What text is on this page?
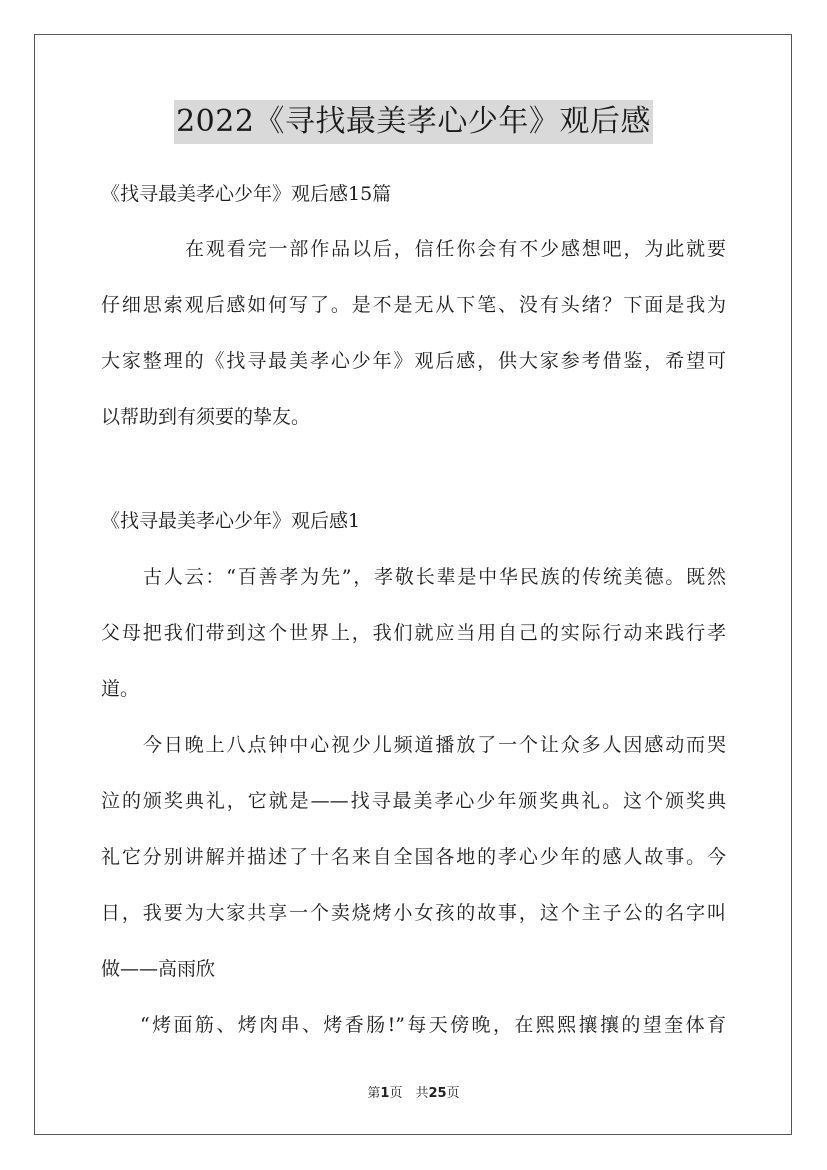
2022《寻找最美孝心少年》观后感
《找寻最美孝心少年》观后感15篇
在观看完一部作品以后，信任你会有不少感想吧，为此就要
仔细思索观后感如何写了。是不是无从下笔、没有头绪？下面是我为
大家整理的《找寻最美孝心少年》观后感，供大家参考借鉴，希望可
以帮助到有须要的挚友。
《找寻最美孝心少年》观后感1
古人云：“百善孝为先”，孝敬长辈是中华民族的传统美德。既然
父母把我们带到这个世界上，我们就应当用自己的实际行动来践行孝
道。
今日晚上八点钟中心视少儿频道播放了一个让众多人因感动而哭
泣的颁奖典礼，它就是——找寻最美孝心少年颁奖典礼。这个颁奖典
礼它分别讲解并描述了十名来自全国各地的孝心少年的感人故事。今
日，我要为大家共享一个卖烧烤小女孩的故事，这个主子公的名字叫
做——高雨欣
“烤面筋、烤肉串、烤香肠!”每天傍晚，在熙熙攘攘的望奎体育
第1页　共25页
